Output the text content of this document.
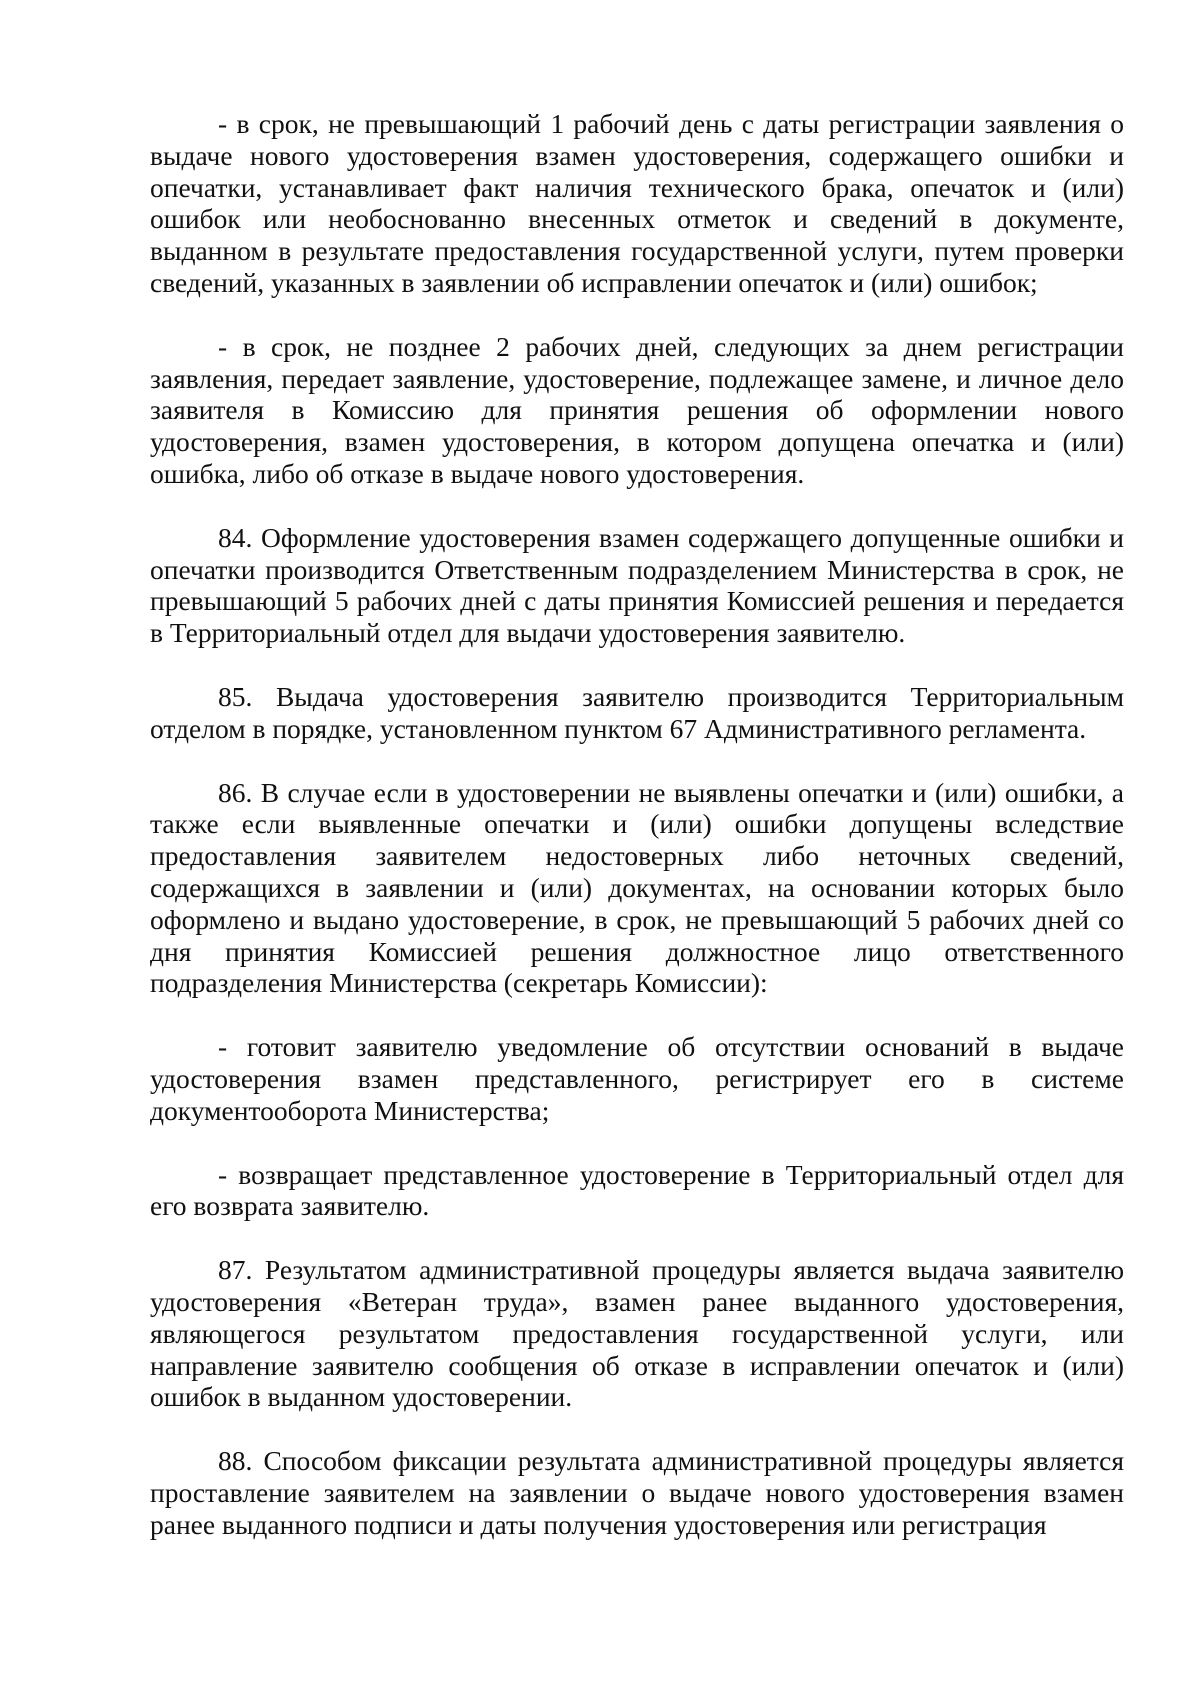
- в срок, не превышающий 1 рабочий день с даты регистрации заявления о выдаче нового удостоверения взамен удостоверения, содержащего ошибки и опечатки, устанавливает факт наличия технического брака, опечаток и (или) ошибок или необоснованно внесенных отметок и сведений в документе, выданном в результате предоставления государственной услуги, путем проверки сведений, указанных в заявлении об исправлении опечаток и (или) ошибок;

- в срок, не позднее 2 рабочих дней, следующих за днем регистрации заявления, передает заявление, удостоверение, подлежащее замене, и личное дело заявителя в Комиссию для принятия решения об оформлении нового удостоверения, взамен удостоверения, в котором допущена опечатка и (или) ошибка, либо об отказе в выдаче нового удостоверения.

84. Оформление удостоверения взамен содержащего допущенные ошибки и опечатки производится Ответственным подразделением Министерства в срок, не превышающий 5 рабочих дней с даты принятия Комиссией решения и передается в Территориальный отдел для выдачи удостоверения заявителю.

85. Выдача удостоверения заявителю производится Территориальным отделом в порядке, установленном пунктом 67 Административного регламента.

86. В случае если в удостоверении не выявлены опечатки и (или) ошибки, а также если выявленные опечатки и (или) ошибки допущены вследствие предоставления заявителем недостоверных либо неточных сведений, содержащихся в заявлении и (или) документах, на основании которых было оформлено и выдано удостоверение, в срок, не превышающий 5 рабочих дней со дня принятия Комиссией решения должностное лицо ответственного подразделения Министерства (секретарь Комиссии):

- готовит заявителю уведомление об отсутствии оснований в выдаче удостоверения взамен представленного, регистрирует его в системе документооборота Министерства;

- возвращает представленное удостоверение в Территориальный отдел для его возврата заявителю.

87. Результатом административной процедуры является выдача заявителю удостоверения «Ветеран труда», взамен ранее выданного удостоверения, являющегося результатом предоставления государственной услуги, или направление заявителю сообщения об отказе в исправлении опечаток и (или) ошибок в выданном удостоверении.

88. Способом фиксации результата административной процедуры является проставление заявителем на заявлении о выдаче нового удостоверения взамен ранее выданного подписи и даты получения удостоверения или регистрация
